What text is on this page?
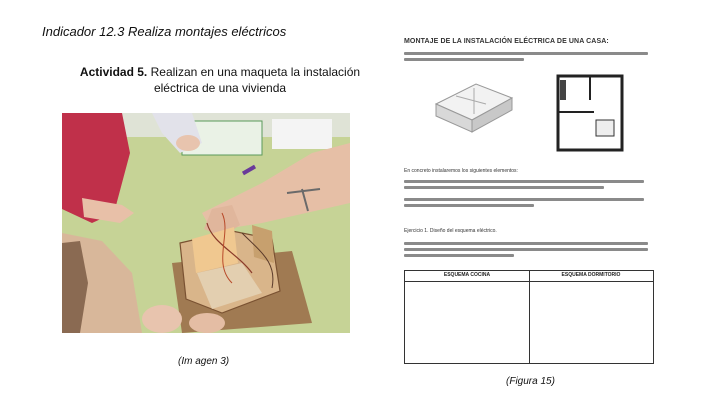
Indicador 12.3 Realiza montajes eléctricos
Actividad 5. Realizan en una maqueta la instalación eléctrica de una vivienda
(Im agen 3)
MONTAJE DE LA INSTALACIÓN ELÉCTRICA DE UNA CASA:
En concreto instalaremos los siguientes elementos:
Ejercicio 1. Diseño del esquema eléctrico.
ESQUEMA COCINA	ESQUEMA DORMITORIO
(Figura 15)
